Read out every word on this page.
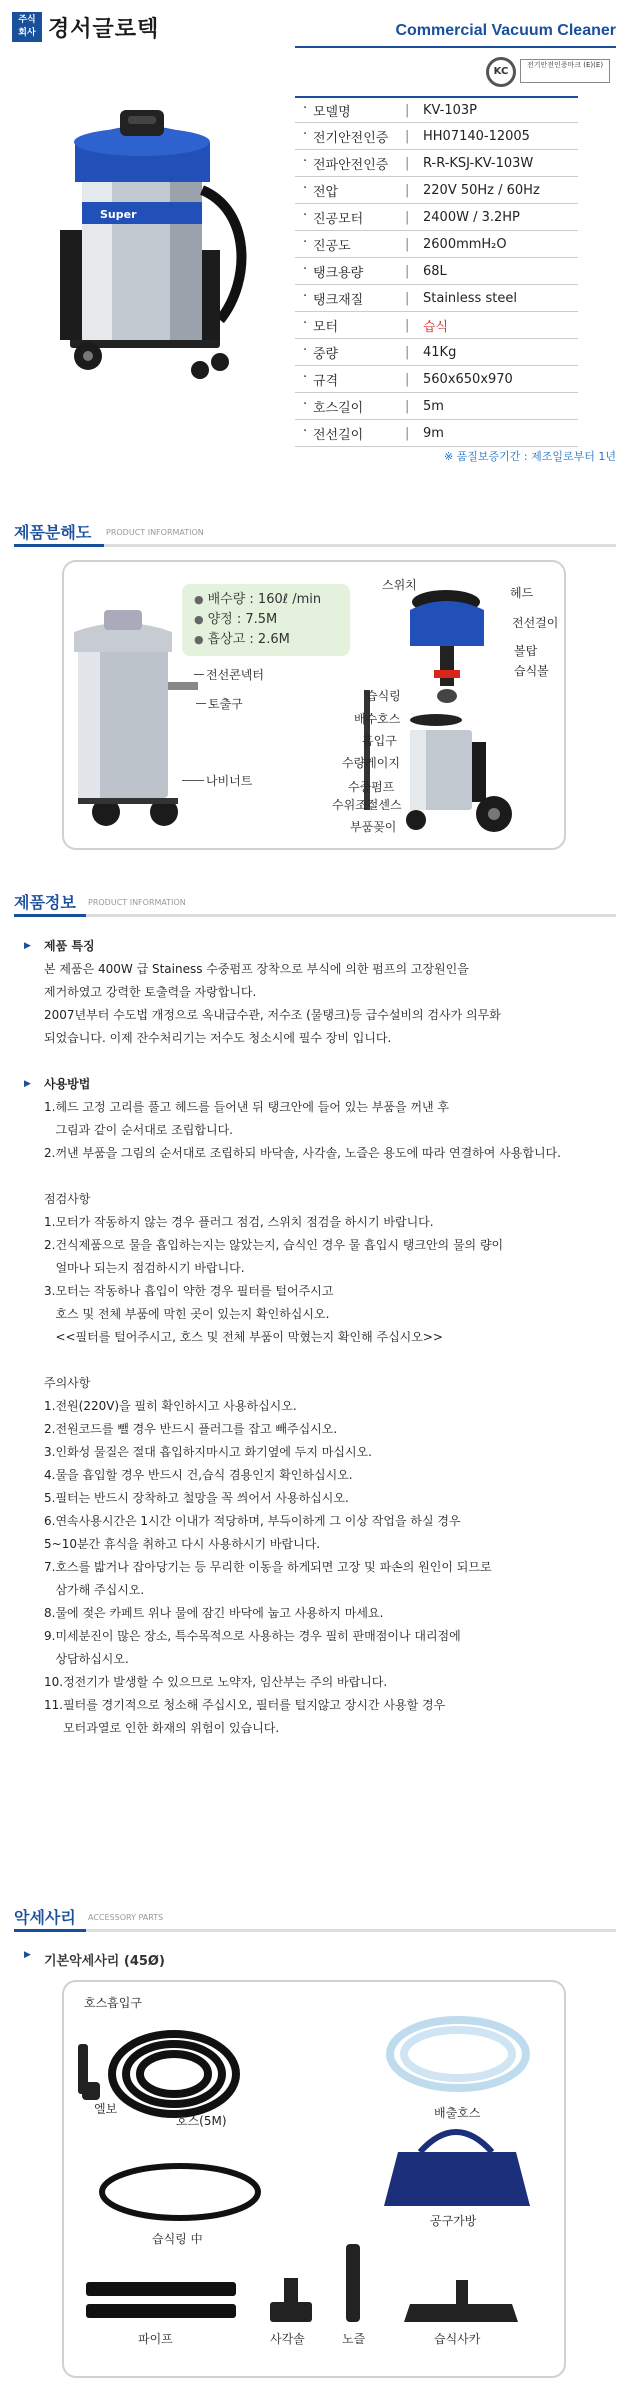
주식
회사 경서글로텍	Commercial Vacuum Cleaner
Super
KC
전기안전인증마크 (E)(E)
· 모델명	|	KV-103P
· 전기안전인증	|	HH07140-12005
· 전파안전인증	|	R-R-KSJ-KV-103W
· 전압	|	220V 50Hz / 60Hz
· 진공모터	|	2400W / 3.2HP
· 진공도	|	2600mmH₂O
· 탱크용량	|	68L
· 탱크재질	|	Stainless steel
· 모터	|	습식
· 중량	|	41Kg
· 규격	|	560x650x970
· 호스길이	|	5m
· 전선길이	|	9m
※ 품질보증기간 : 제조일로부터 1년
제품분해도 PRODUCT INFORMATION
● 배수량 : 160ℓ /min
● 양정 : 7.5M
● 흡상고 : 2.6M
전선콘넥터
토출구
나비너트
스위치
헤드
전선걸이
볼탑
습식볼
습식링
배수호스
흡입구
수량게이지
수중펌프
수위조절센스
부품꽂이
제품정보 PRODUCT INFORMATION
▶ 제품 특징
본 제품은 400W 급 Stainess 수중펌프 장착으로 부식에 의한 펌프의 고장원인을
제거하였고 강력한 토출력을 자랑합니다.
2007년부터 수도법 개정으로 옥내급수관, 저수조 (물탱크)등 급수설비의 검사가 의무화
되었습니다. 이제 잔수처리기는 저수도 청소시에 필수 장비 입니다.
▶ 사용방법
1.헤드 고정 고리를 풀고 헤드를 들어낸 뒤 탱크안에 들어 있는 부품을 꺼낸 후
그림과 같이 순서대로 조립합니다.
2.꺼낸 부품을 그림의 순서대로 조립하되 바닥솔, 사각솔, 노즐은 용도에 따라 연결하여 사용합니다.
점검사항
1.모터가 작동하지 않는 경우 플러그 점검, 스위치 점검을 하시기 바랍니다.
2.건식제품으로 물을 흡입하는지는 않았는지, 습식인 경우 물 흡입시 탱크안의 물의 량이
얼마나 되는지 점검하시기 바랍니다.
3.모터는 작동하나 흡입이 약한 경우 필터를 털어주시고
호스 및 전체 부품에 막힌 곳이 있는지 확인하십시오.
<<필터를 털어주시고, 호스 및 전체 부품이 막혔는지 확인해 주십시오>>
주의사항
1.전원(220V)을 필히 확인하시고 사용하십시오.
2.전원코드를 뺄 경우 반드시 플러그를 잡고 빼주십시오.
3.인화성 물질은 절대 흡입하지마시고 화기옆에 두지 마십시오.
4.물을 흡입할 경우 반드시 건,습식 겸용인지 확인하십시오.
5.필터는 반드시 장착하고 철망을 꼭 씌어서 사용하십시오.
6.연속사용시간은 1시간 이내가 적당하며, 부득이하게 그 이상 작업을 하실 경우
5~10분간 휴식을 취하고 다시 사용하시기 바랍니다.
7.호스를 밟거나 잡아당기는 등 무리한 이동을 하게되면 고장 및 파손의 원인이 되므로
삼가해 주십시오.
8.물에 젖은 카페트 위나 물에 잠긴 바닥에 눕고 사용하지 마세요.
9.미세분진이 많은 장소, 특수목적으로 사용하는 경우 필히 판매점이나 대리점에
상담하십시오.
10.정전기가 발생할 수 있으므로 노약자, 임산부는 주의 바랍니다.
11.필터를 경기적으로 청소해 주십시오, 필터를 털지않고 장시간 사용할 경우
모터과열로 인한 화재의 위험이 있습니다.
악세사리 ACCESSORY PARTS
▶ 기본악세사리 (45Ø)
호스흡입구
엘보
호스(5M)
배출호스
습식링 中
공구가방
파이프	사각솔	노즐	습식사카
